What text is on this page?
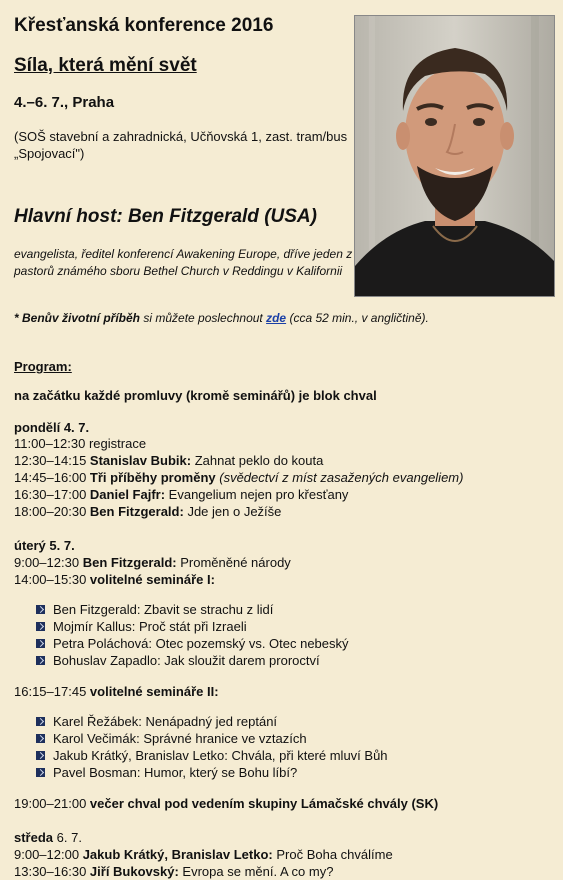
Křesťanská konference 2016
Síla, která mění svět
4.–6. 7., Praha
(SOŠ stavební a zahradnická, Učňovská 1, zast. tram/bus „Spojovací")
Hlavní host: Ben Fitzgerald (USA)
evangelista, ředitel konferencí Awakening Europe, dříve jeden z pastorů známého sboru Bethel Church v Reddingu v Kalifornii
* Benův životní příběh si můžete poslechnout zde (cca 52 min., v angličtině).
Program:
na začátku každé promluvy (kromě seminářů) je blok chval
pondělí 4. 7.
11:00–12:30 registrace
12:30–14:15 Stanislav Bubik: Zahnat peklo do kouta
14:45–16:00 Tři příběhy proměny (svědectví z míst zasažených evangeliem)
16:30–17:00 Daniel Fajfr: Evangelium nejen pro křesťany
18:00–20:30 Ben Fitzgerald: Jde jen o Ježíše
úterý 5. 7.
9:00–12:30 Ben Fitzgerald: Proměněné národy
14:00–15:30 volitelné semináře I:
Ben Fitzgerald: Zbavit se strachu z lidí
Mojmír Kallus: Proč stát při Izraeli
Petra Poláchová: Otec pozemský vs. Otec nebeský
Bohuslav Zapadlo: Jak sloužit darem proroctví
16:15–17:45 volitelné semináře II:
Karel Řežábek: Nenápadný jed reptání
Karol Večimák: Správné hranice ve vztazích
Jakub Krátký, Branislav Letko: Chvála, při které mluví Bůh
Pavel Bosman: Humor, který se Bohu líbí?
19:00–21:00 večer chval pod vedením skupiny Lámačské chvály (SK)
středa 6. 7.
9:00–12:00 Jakub Krátký, Branislav Letko: Proč Boha chválíme
13:30–16:30 Jiří Bukovský: Evropa se mění. A co my?
